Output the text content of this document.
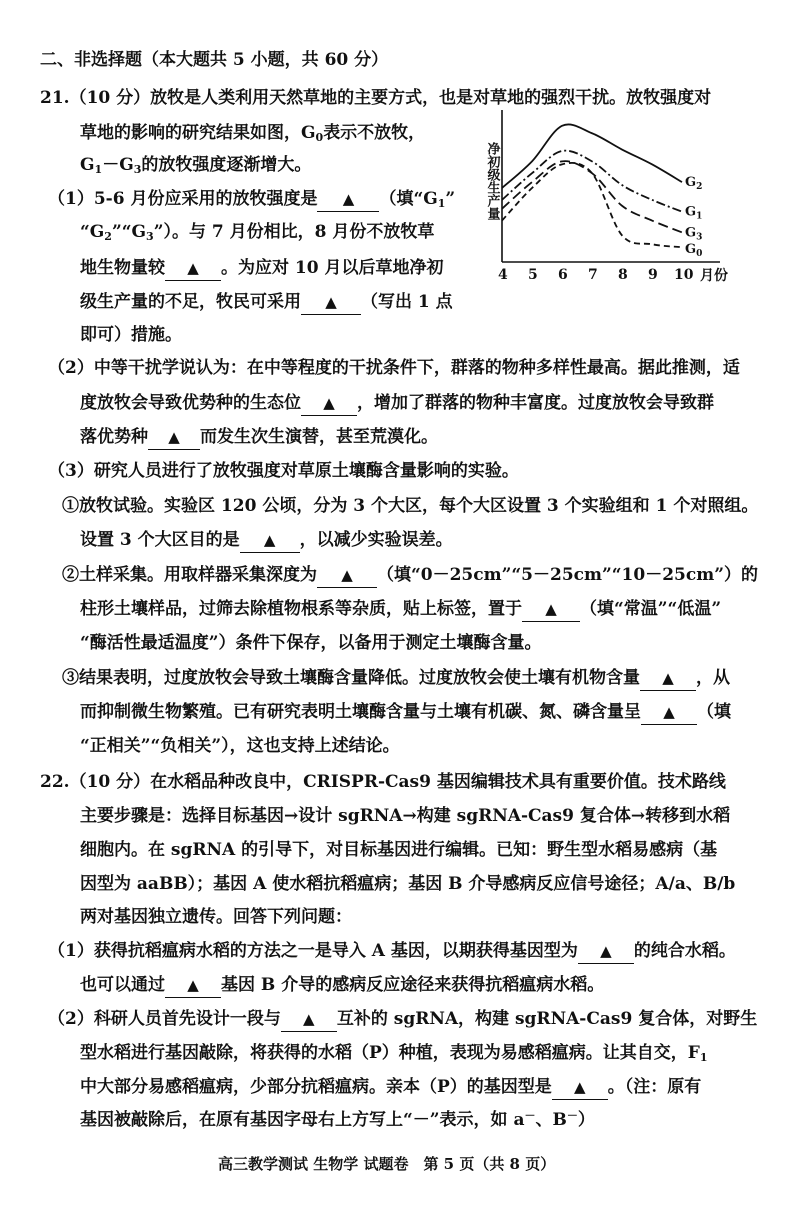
二、非选择题（本大题共 5 小题，共 60 分）
21.（10 分）放牧是人类利用天然草地的主要方式，也是对草地的强烈干扰。放牧强度对
草地的影响的研究结果如图，$G_0$表示不放牧，
$G_1-G_3$的放牧强度逐渐增大。
（1）5-6 月份应采用的放牧强度是 ▲ （填“$G_1$”
“$G_2”“G_3$”）。与 7 月份相比，8 月份不放牧草
地生物量较 ▲ 。为应对 10 月以后草地净初
级生产量的不足，牧民可采用 ▲ （写出 1 点
即可）措施。
净初级生产量
4 5 6 7 8 9 10
$G_2$
$G_1$
$G_3$
$G_0$
月份
（2）中等干扰学说认为：在中等程度的干扰条件下，群落的物种多样性最高。据此推测，适
度放牧会导致优势种的生态位 ▲ ，增加了群落的物种丰富度。过度放牧会导致群
落优势种 ▲ 而发生次生演替，甚至荒漠化。
（3）研究人员进行了放牧强度对草原土壤酶含量影响的实验。
①放牧试验。实验区 120 公顷，分为 3 个大区，每个大区设置 3 个实验组和 1 个对照组。
设置 3 个大区目的是 ▲ ，以减少实验误差。
②土样采集。用取样器采集深度为 ▲ （填“0－25cm”“5－25cm”“10－25cm”）的
柱形土壤样品，过筛去除植物根系等杂质，贴上标签，置于 ▲ （填“常温”“低温”
“酶活性最适温度”）条件下保存，以备用于测定土壤酶含量。
③结果表明，过度放牧会导致土壤酶含量降低。过度放牧会使土壤有机物含量 ▲ ，从
而抑制微生物繁殖。已有研究表明土壤酶含量与土壤有机碳、氮、磷含量呈 ▲ （填
“正相关”“负相关”），这也支持上述结论。
22.（10 分）在水稻品种改良中，CRISPR-Cas9 基因编辑技术具有重要价值。技术路线
主要步骤是：选择目标基因→设计 sgRNA→构建 sgRNA-Cas9 复合体→转移到水稻
细胞内。在 sgRNA 的引导下，对目标基因进行编辑。已知：野生型水稻易感病（基
因型为 aaBB）；基因 A 使水稻抗稻瘟病；基因 B 介导感病反应信号途径；A/a、B/b
两对基因独立遗传。回答下列问题：
（1）获得抗稻瘟病水稻的方法之一是导入 A 基因，以期获得基因型为 ▲ 的纯合水稻。
也可以通过 ▲ 基因 B 介导的感病反应途径来获得抗稻瘟病水稻。
（2）科研人员首先设计一段与 ▲ 互补的 sgRNA，构建 sgRNA-Cas9 复合体，对野生
型水稻进行基因敲除，将获得的水稻（P）种植，表现为易感稻瘟病。让其自交，$F_1$
中大部分易感稻瘟病，少部分抗稻瘟病。亲本（P）的基因型是 ▲ 。（注：原有
基因被敲除后，在原有基因字母右上方写上“－”表示，如 a－、B－）
高三教学测试 生物学 试题卷　第 5 页（共 8 页）
